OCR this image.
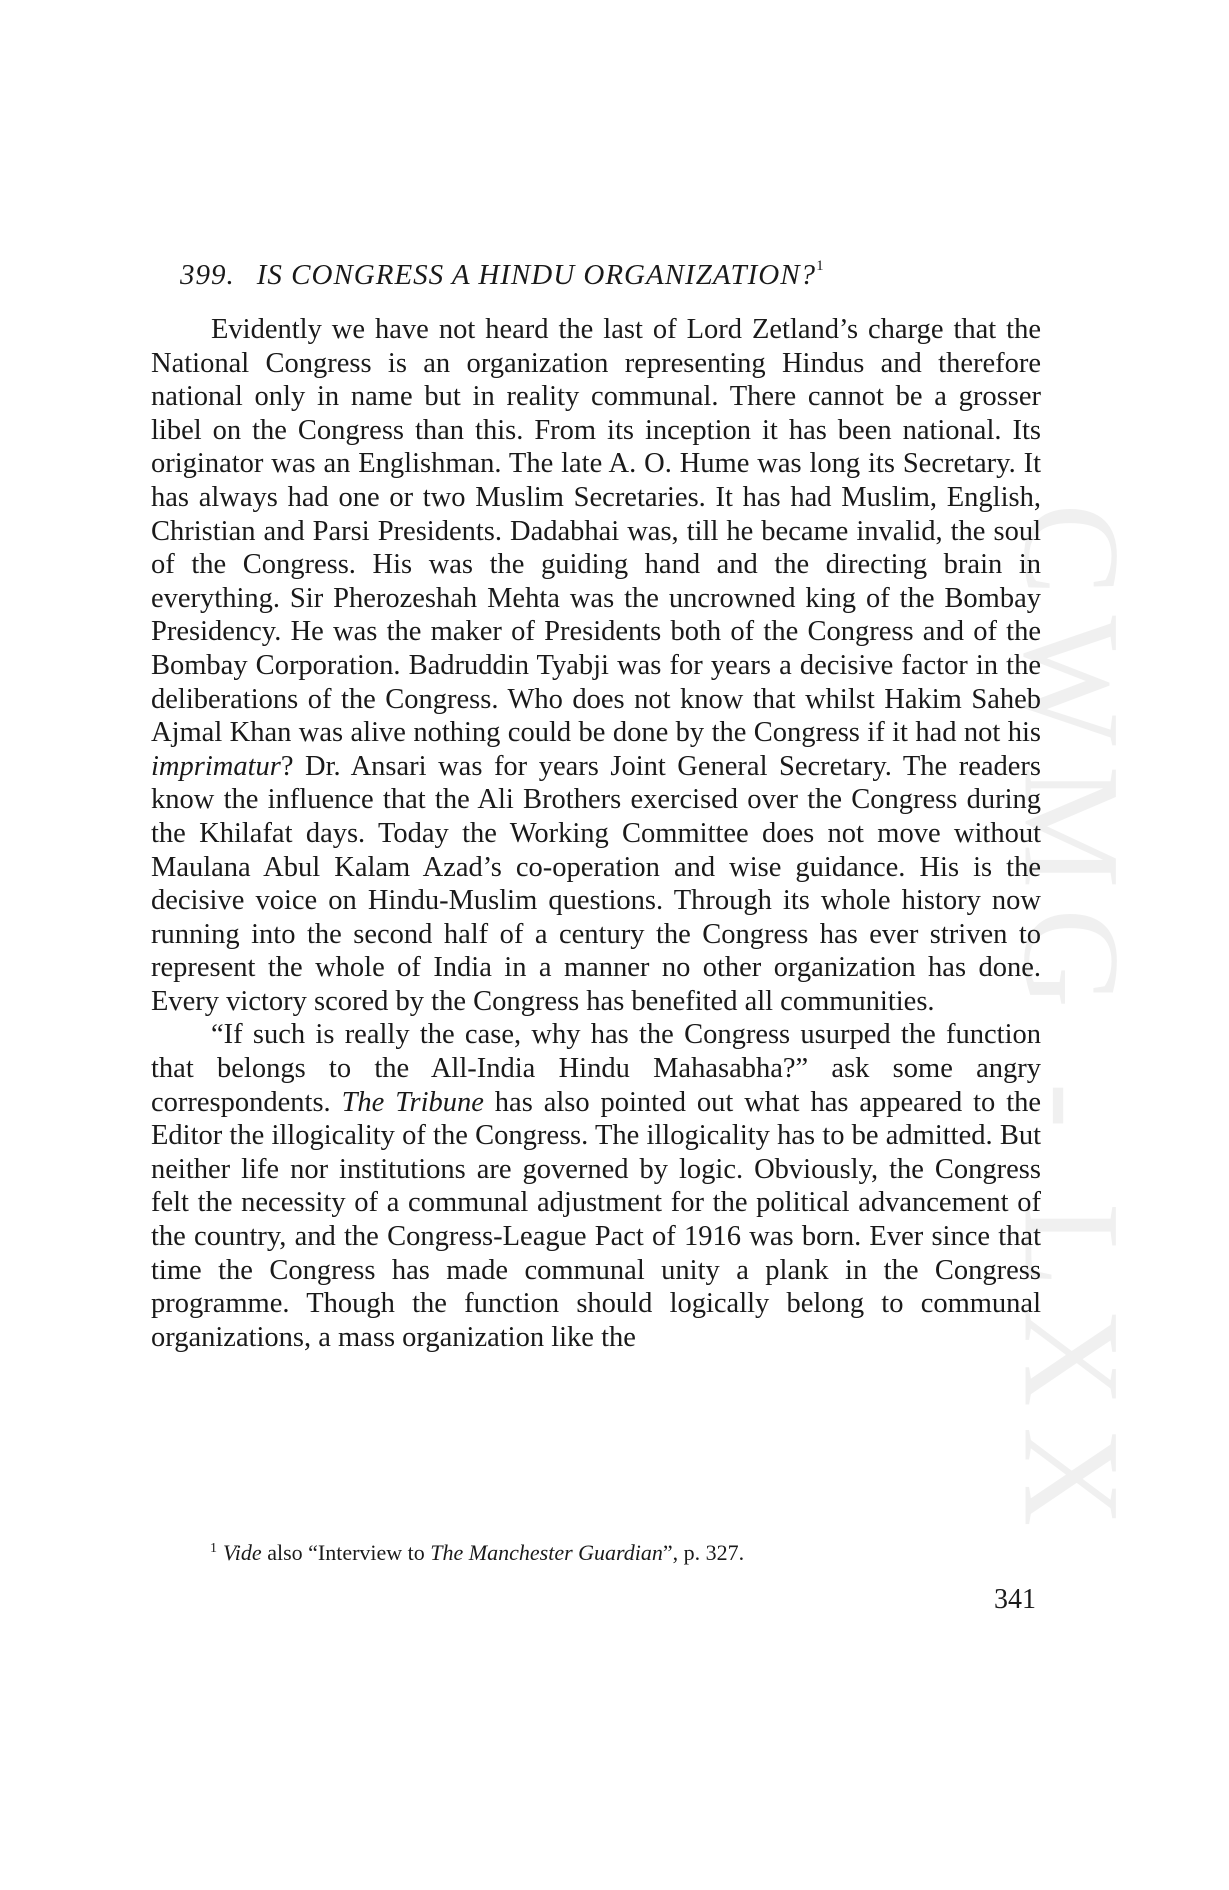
CWMG - LXX
399. IS CONGRESS A HINDU ORGANIZATION?$^1$

Evidently we have not heard the last of Lord Zetland’s charge that the National Congress is an organization representing Hindus and therefore national only in name but in reality communal. There cannot be a grosser libel on the Congress than this. From its inception it has been national. Its originator was an Englishman. The late A. O. Hume was long its Secretary. It has always had one or two Muslim Secretaries. It has had Muslim, English, Christian and Parsi Presidents. Dadabhai was, till he became invalid, the soul of the Congress. His was the guiding hand and the directing brain in everything. Sir Pherozeshah Mehta was the uncrowned king of the Bombay Presidency. He was the maker of Presidents both of the Congress and of the Bombay Corporation. Badruddin Tyabji was for years a decisive factor in the deliberations of the Congress. Who does not know that whilst Hakim Saheb Ajmal Khan was alive nothing could be done by the Congress if it had not his imprimatur? Dr. Ansari was for years Joint General Secretary. The readers know the influence that the Ali Brothers exercised over the Congress during the Khilafat days. Today the Working Committee does not move without Maulana Abul Kalam Azad’s co-operation and wise guidance. His is the decisive voice on Hindu-Muslim questions. Through its whole history now running into the second half of a century the Congress has ever striven to represent the whole of India in a manner no other organization has done. Every victory scored by the Congress has benefited all communities.

“If such is really the case, why has the Congress usurped the function that belongs to the All-India Hindu Mahasabha?” ask some angry correspondents. The Tribune has also pointed out what has appeared to the Editor the illogicality of the Congress. The illogicality has to be admitted. But neither life nor institutions are governed by logic. Obviously, the Congress felt the necessity of a communal adjustment for the political advancement of the country, and the Congress-League Pact of 1916 was born. Ever since that time the Congress has made communal unity a plank in the Congress programme. Though the function should logically belong to communal organizations, a mass organization like the

$^1$ Vide also “Interview to The Manchester Guardian”, p. 327.
341
